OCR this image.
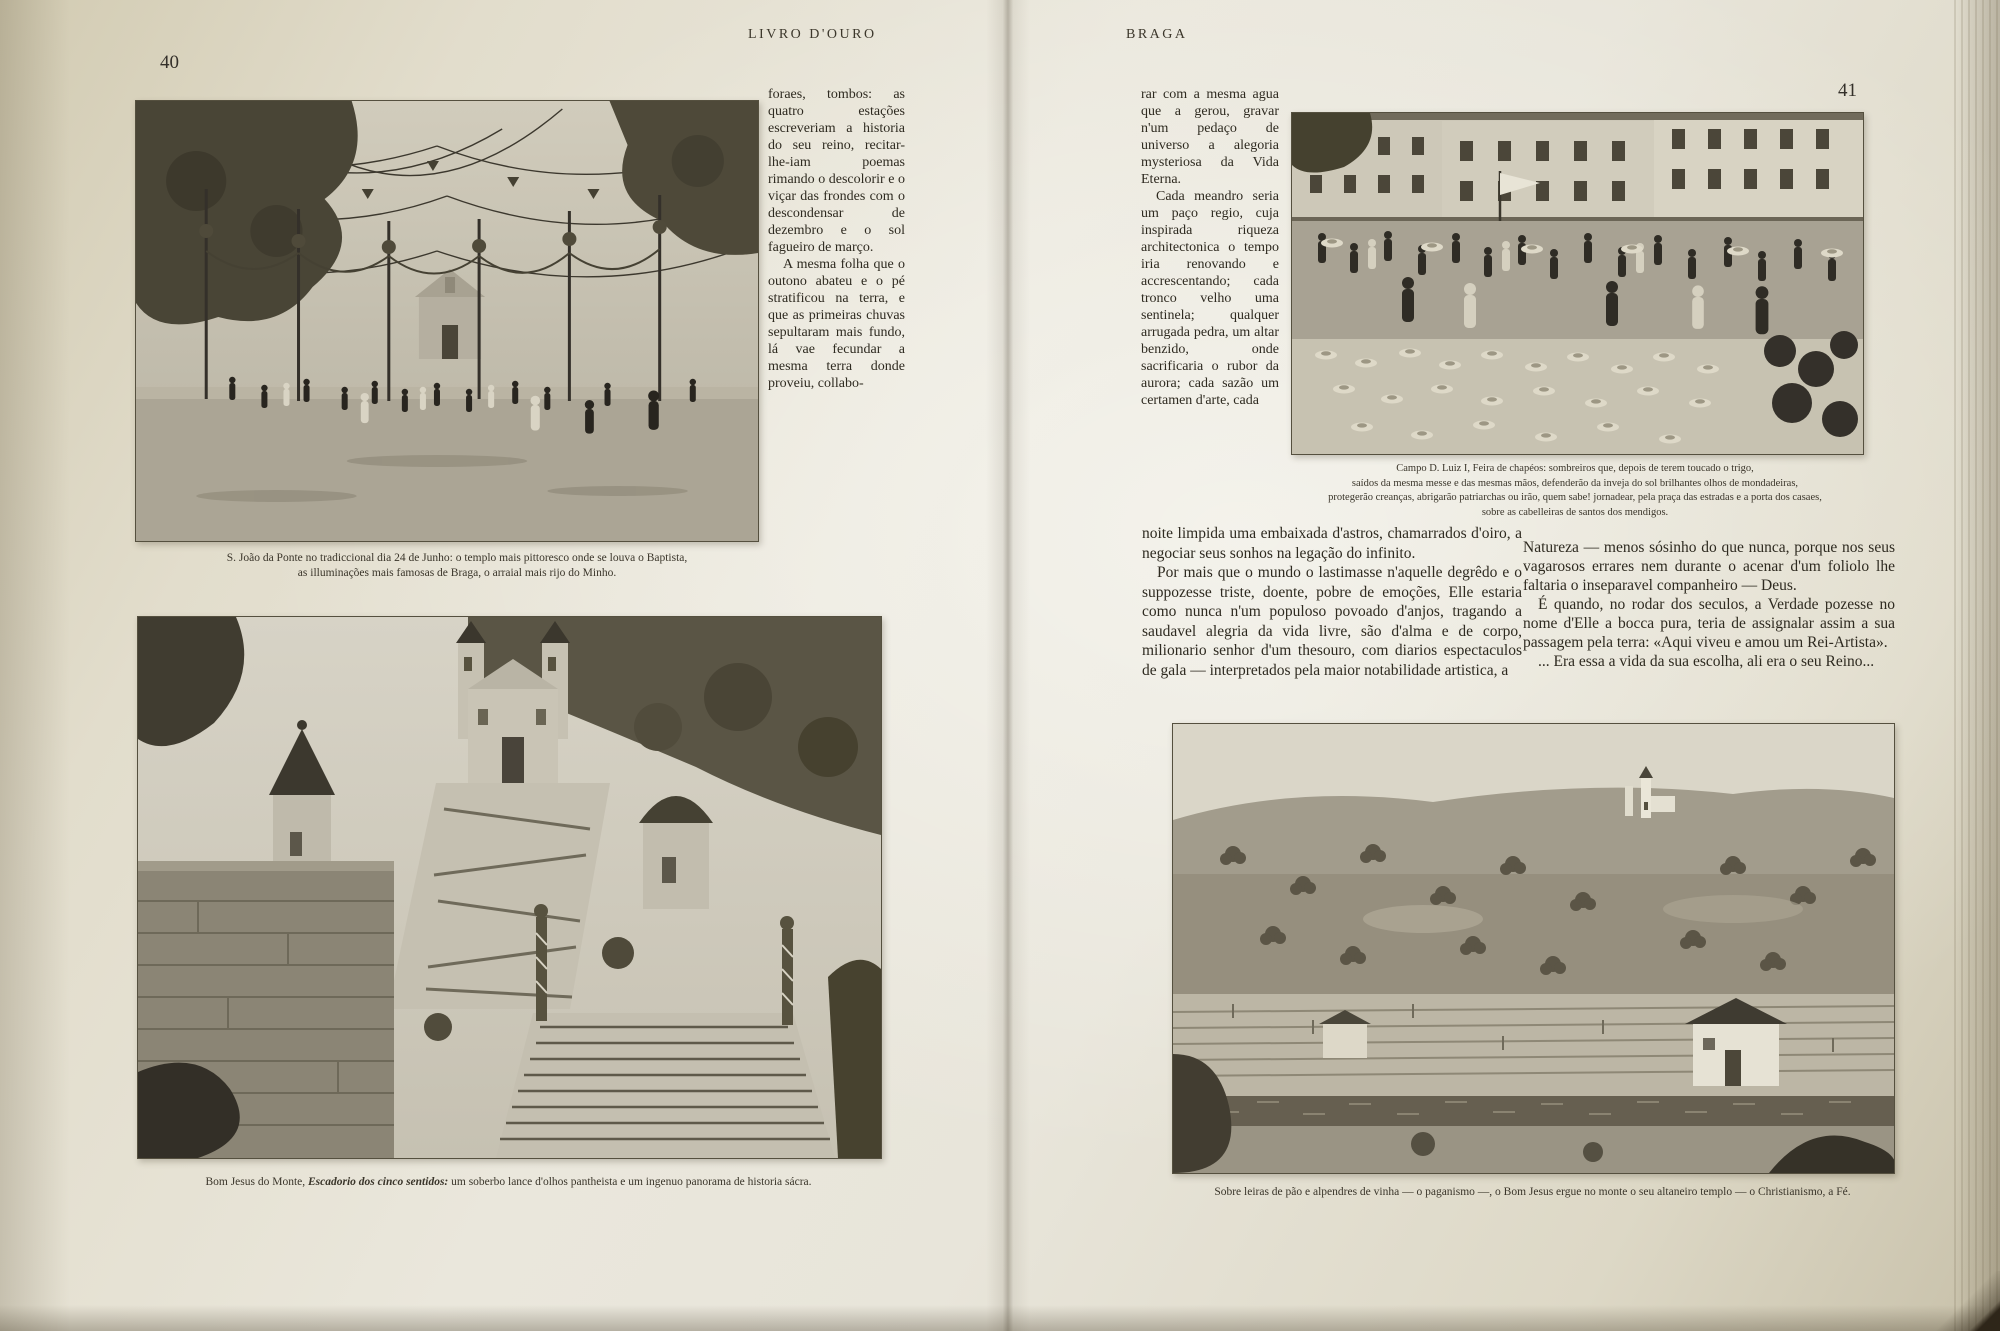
LIVRO D'OURO
40
S. João da Ponte no tradiccional dia 24 de Junho: o templo mais pittoresco onde se louva o Baptista,
as illuminações mais famosas de Braga, o arraial mais rijo do Minho.

foraes, tombos: as quatro estações escreveriam a historia do seu reino, recitar-lhe-iam poemas rimando o descolorir e o viçar das frondes com o descondensar de dezembro e o sol fagueiro de março.

A mesma folha que o outono abateu e o pé stratificou na terra, e que as primeiras chuvas sepultaram mais fundo, lá vae fecundar a mesma terra donde proveiu, collabo-

Bom Jesus do Monte, Escadorio dos cinco sentidos: um soberbo lance d'olhos pantheista e um ingenuo panorama de historia sácra.
BRAGA
41

rar com a mesma agua que a gerou, gravar n'um pedaço de universo a alegoria mysteriosa da Vida Eterna.

Cada meandro seria um paço regio, cuja inspirada riqueza architectonica o tempo iria renovando e accrescentando; cada tronco velho uma sentinela; qualquer arrugada pedra, um altar benzido, onde sacrificaria o rubor da aurora; cada sazão um certamen d'arte, cada

Campo D. Luiz I, Feira de chapéos: sombreiros que, depois de terem toucado o trigo,
saídos da mesma messe e das mesmas mãos, defenderão da inveja do sol brilhantes olhos de mondadeiras,
protegerão creanças, abrigarão patriarchas ou irão, quem sabe! jornadear, pela praça das estradas e a porta dos casaes,
sobre as cabelleiras de santos dos mendigos.

noite limpida uma embaixada d'astros, chamarrados d'oiro, a negociar seus sonhos na legação do infinito.

Por mais que o mundo o lastimasse n'aquelle degrêdo e o suppozesse triste, doente, pobre de emoções, Elle estaria como nunca n'um populoso povoado d'anjos, tragando a saudavel alegria da vida livre, são d'alma e de corpo, milionario senhor d'um thesouro, com diarios espectaculos de gala — interpretados pela maior notabilidade artistica, a

Natureza — menos sósinho do que nunca, porque nos seus vagarosos errares nem durante o acenar d'um foliolo lhe faltaria o inseparavel companheiro — Deus.

É quando, no rodar dos seculos, a Verdade pozesse no nome d'Elle a bocca pura, teria de assignalar assim a sua passagem pela terra: «Aqui viveu e amou um Rei-Artista».

... Era essa a vida da sua escolha, ali era o seu Reino...

Sobre leiras de pão e alpendres de vinha — o paganismo —, o Bom Jesus ergue no monte o seu altaneiro templo — o Christianismo, a Fé.
